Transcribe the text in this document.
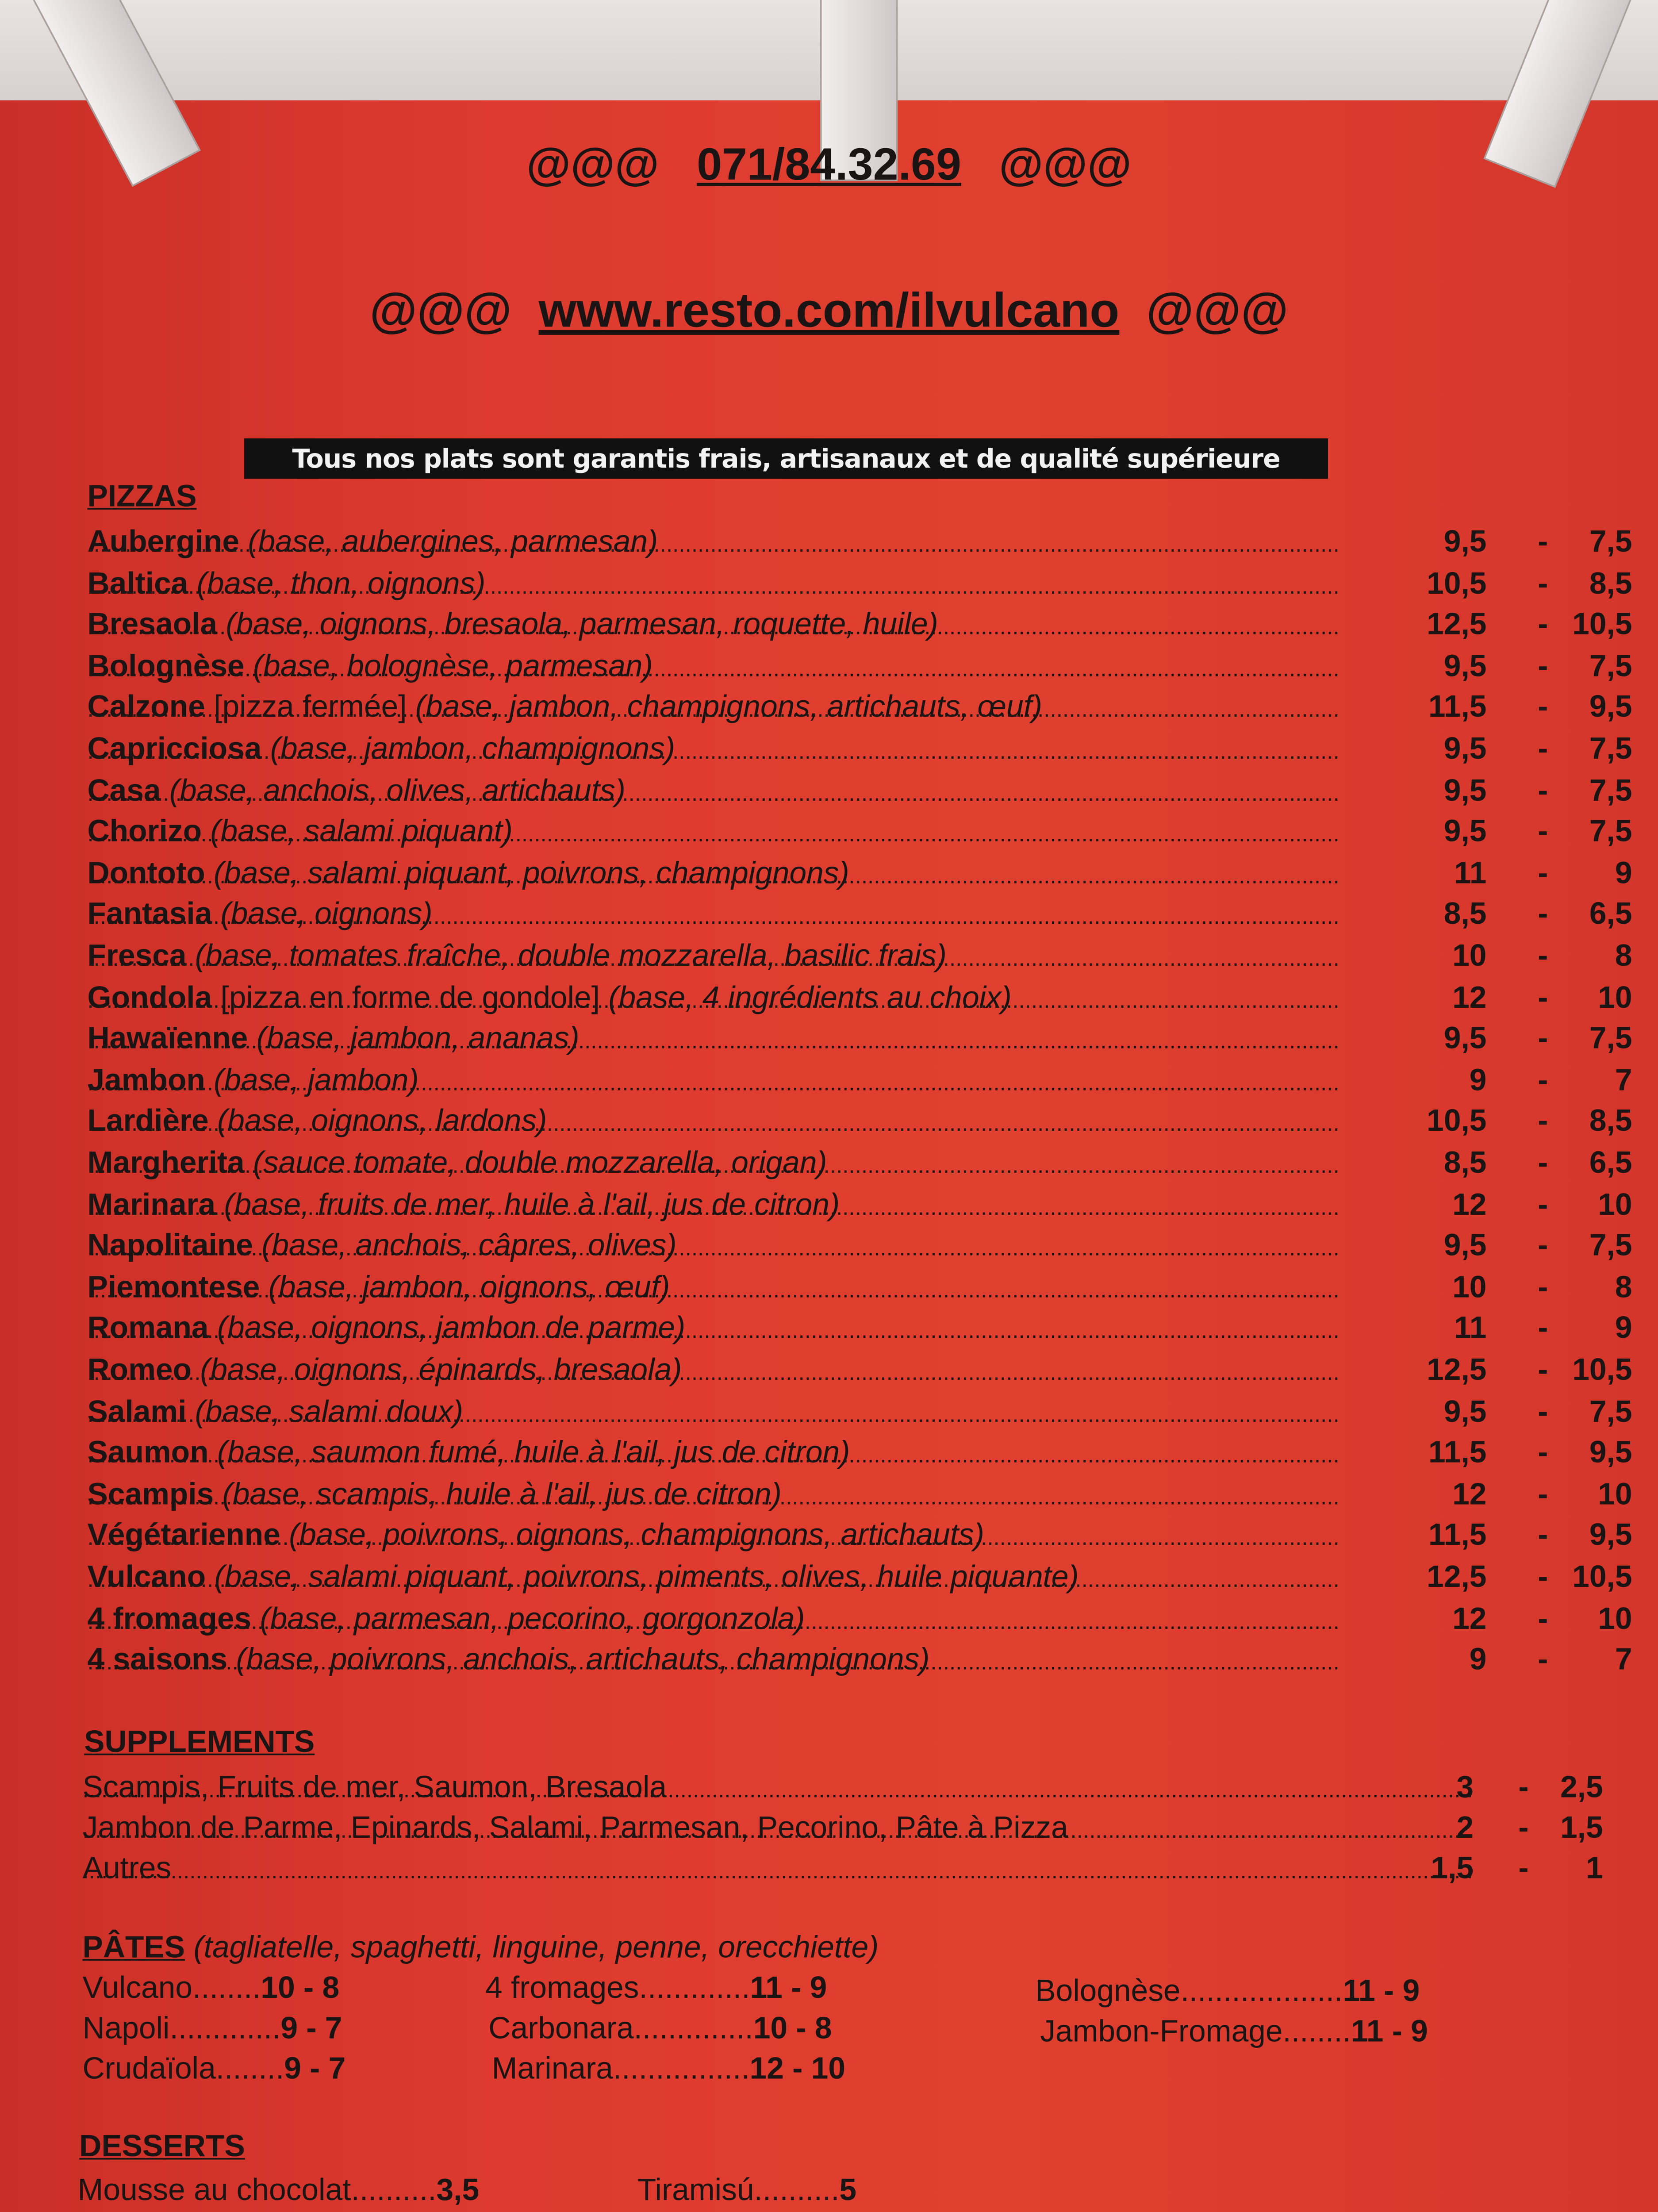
@@@	071/84.32.69	@@@
@@@ www.resto.com/ilvulcano @@@
Tous nos plats sont garantis frais, artisanaux et de qualité supérieure
PIZZAS
.....
Aubergine (base, aubergines, parmesan)	9,5	-	7,5
.....
Baltica (base, thon, oignons)	10,5	-	8,5
.....
Bresaola (base, oignons, bresaola, parmesan, roquette, huile)	12,5	-	10,5
.....
Bolognèse (base, bolognèse, parmesan)	9,5	-	7,5
.....
Calzone [pizza fermée] (base, jambon, champignons, artichauts, œuf)	11,5	-	9,5
.....
Capricciosa (base, jambon, champignons)	9,5	-	7,5
.....
Casa (base, anchois, olives, artichauts)	9,5	-	7,5
.....
Chorizo (base, salami piquant)	9,5	-	7,5
.....
Dontoto (base, salami piquant, poivrons, champignons)	11	-	9
.....
Fantasia (base, oignons)	8,5	-	6,5
.....
Fresca (base, tomates fraîche, double mozzarella, basilic frais)	10	-	8
.....
Gondola [pizza en forme de gondole] (base, 4 ingrédients au choix)	12	-	10
.....
Hawaïenne (base, jambon, ananas)	9,5	-	7,5
.....
Jambon (base, jambon)	9	-	7
.....
Lardière (base, oignons, lardons)	10,5	-	8,5
.....
Margherita (sauce tomate, double mozzarella, origan)	8,5	-	6,5
.....
Marinara (base, fruits de mer, huile à l'ail, jus de citron)	12	-	10
.....
Napolitaine (base, anchois, câpres, olives)	9,5	-	7,5
.....
Piemontese (base, jambon, oignons, œuf)	10	-	8
.....
Romana (base, oignons, jambon de parme)	11	-	9
.....
Romeo (base, oignons, épinards, bresaola)	12,5	-	10,5
.....
Salami (base, salami doux)	9,5	-	7,5
.....
Saumon (base, saumon fumé, huile à l'ail, jus de citron)	11,5	-	9,5
.....
Scampis (base, scampis, huile à l'ail, jus de citron)	12	-	10
.....
Végétarienne (base, poivrons, oignons, champignons, artichauts)	11,5	-	9,5
.....
Vulcano (base, salami piquant, poivrons, piments, olives, huile piquante)	12,5	-	10,5
.....
4 fromages (base, parmesan, pecorino, gorgonzola)	12	-	10
.....
4 saisons (base, poivrons, anchois, artichauts, champignons)	9	-	7
SUPPLEMENTS
.....
Scampis, Fruits de mer, Saumon, Bresaola	3	-	2,5
.....
Jambon de Parme, Epinards, Salami, Parmesan, Pecorino, Pâte à Pizza	2	-	1,5
.....
Autres	1,5	-	1
PÂTES (tagliatelle, spaghetti, linguine, penne, orecchiette)
Vulcano........10 - 8
Napoli.............9 - 7
Crudaïola........9 - 7
4 fromages.............11 - 9
Carbonara..............10 - 8
Marinara................12 - 10
Bolognèse...................11 - 9
Jambon-Fromage........11 - 9
DESSERTS
Mousse au chocolat..........3,5	Tiramisú..........5
